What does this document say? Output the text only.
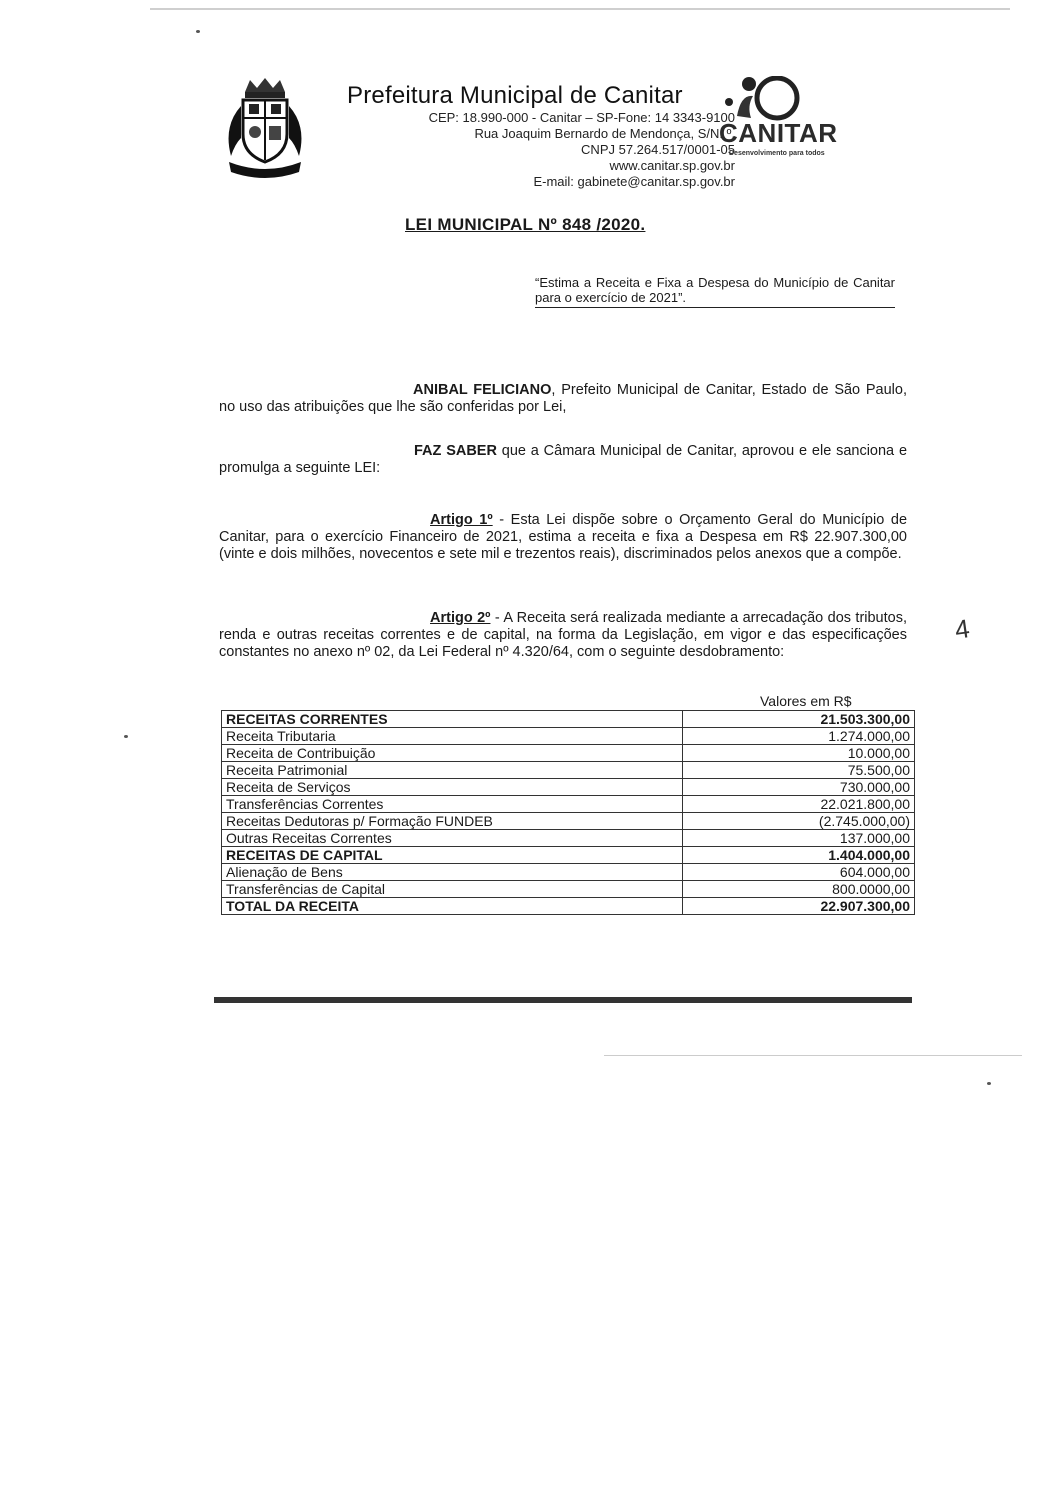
Prefeitura Municipal de Canitar
CEP: 18.990-000 - Canitar – SP-Fone: 14 3343-9100
Rua Joaquim Bernardo de Mendonça, S/N. º.
CNPJ 57.264.517/0001-05
www.canitar.sp.gov.br
E-mail: gabinete@canitar.sp.gov.br
CANITAR
Desenvolvimento para todos
LEI MUNICIPAL Nº 848 /2020.
“Estima a Receita e Fixa a Despesa do Município de Canitar para o exercício de 2021”.
ANIBAL FELICIANO, Prefeito Municipal de Canitar, Estado de São Paulo, no uso das atribuições que lhe são conferidas por Lei,
FAZ SABER que a Câmara Municipal de Canitar, aprovou e ele sanciona e promulga a seguinte LEI:
Artigo 1º - Esta Lei dispõe sobre o Orçamento Geral do Município de Canitar, para o exercício Financeiro de 2021, estima a receita e fixa a Despesa em R$ 22.907.300,00 (vinte e dois milhões, novecentos e sete mil e trezentos reais), discriminados pelos anexos que a compõe.
Artigo 2º - A Receita será realizada mediante a arrecadação dos tributos, renda e outras receitas correntes e de capital, na forma da Legislação, em vigor e das especificações constantes no anexo nº 02, da Lei Federal nº 4.320/64, com o seguinte desdobramento:
4
Valores em R$
RECEITAS CORRENTES	21.503.300,00
Receita Tributaria	1.274.000,00
Receita de Contribuição	10.000,00
Receita Patrimonial	75.500,00
Receita de Serviços	730.000,00
Transferências Correntes	22.021.800,00
Receitas Dedutoras p/ Formação FUNDEB	(2.745.000,00)
Outras Receitas Correntes	137.000,00
RECEITAS DE CAPITAL	1.404.000,00
Alienação de Bens	604.000,00
Transferências de Capital	800.0000,00
TOTAL DA RECEITA	22.907.300,00
